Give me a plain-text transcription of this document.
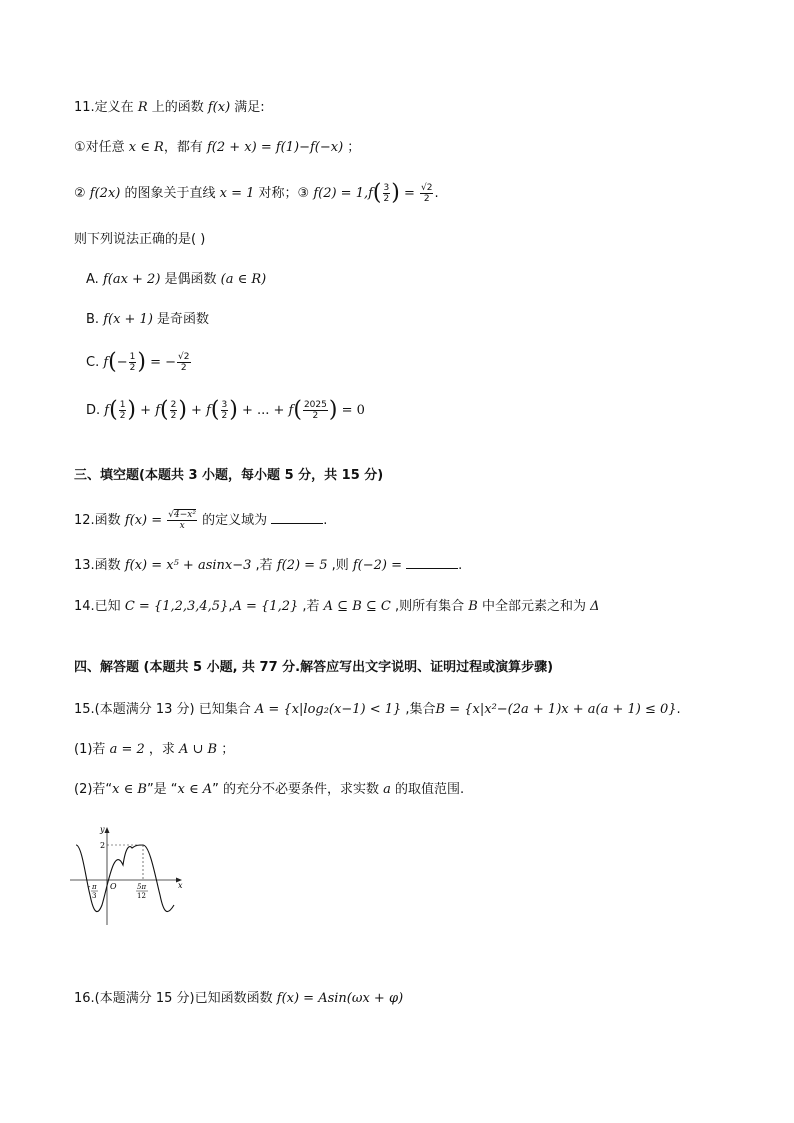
11.定义在 R 上的函数 f(x) 满足:
①对任意 x ∈ R，都有 f(2 + x) = f(1)−f(−x) ；
② f(2x) 的图象关于直线 x = 1 对称；③ $f(2) = 1,f( \frac{3}{2}$ ) = $\frac{√2}{2}$ .
则下列说法正确的是( )
A. f(ax + 2) 是偶函数 (a ∈ R)
B. f(x + 1) 是奇函数
C. $f(- \frac{1}{2}$ ) = − $\frac{√2}{2}$
D. $f( \frac{1}{2}$ ) + $f( \frac{2}{2}$ ) + $f( \frac{3}{2}$ ) + ... + $f( \frac{2025}{2}$ ) = 0
三、填空题(本题共 3 小题，每小题 5 分，共 15 分)
12.函数 $f(x) = \frac{\text{√4−x²}}{x}$ 的定义域为	.
13.函数 f(x) = x⁵ + asinx−3 ,若 f(2) = 5 ,则 f(−2) =	.
14.已知 C = {1,2,3,4,5},A = {1,2} ,若 A ⊆ B ⊆ C ,则所有集合 B 中全部元素之和为 Δ
四、解答题 (本题共 5 小题, 共 77 分.解答应写出文字说明、证明过程或演算步骤)
15.(本题满分 13 分) 已知集合 A = {x|log₂(x−1) < 1} ,集合B = {x|x²−(2a + 1)x + a(a + 1) ≤ 0}.
(1)若 a = 2 ，求 A ∪ B ；
(2)若“x ∈ B”是 “x ∈ A” 的充分不必要条件，求实数 a 的取值范围.
y
x
O
2
- π
3
5π
12
16.(本题满分 15 分)已知函数函数 f(x) = Asin(ωx + φ)
